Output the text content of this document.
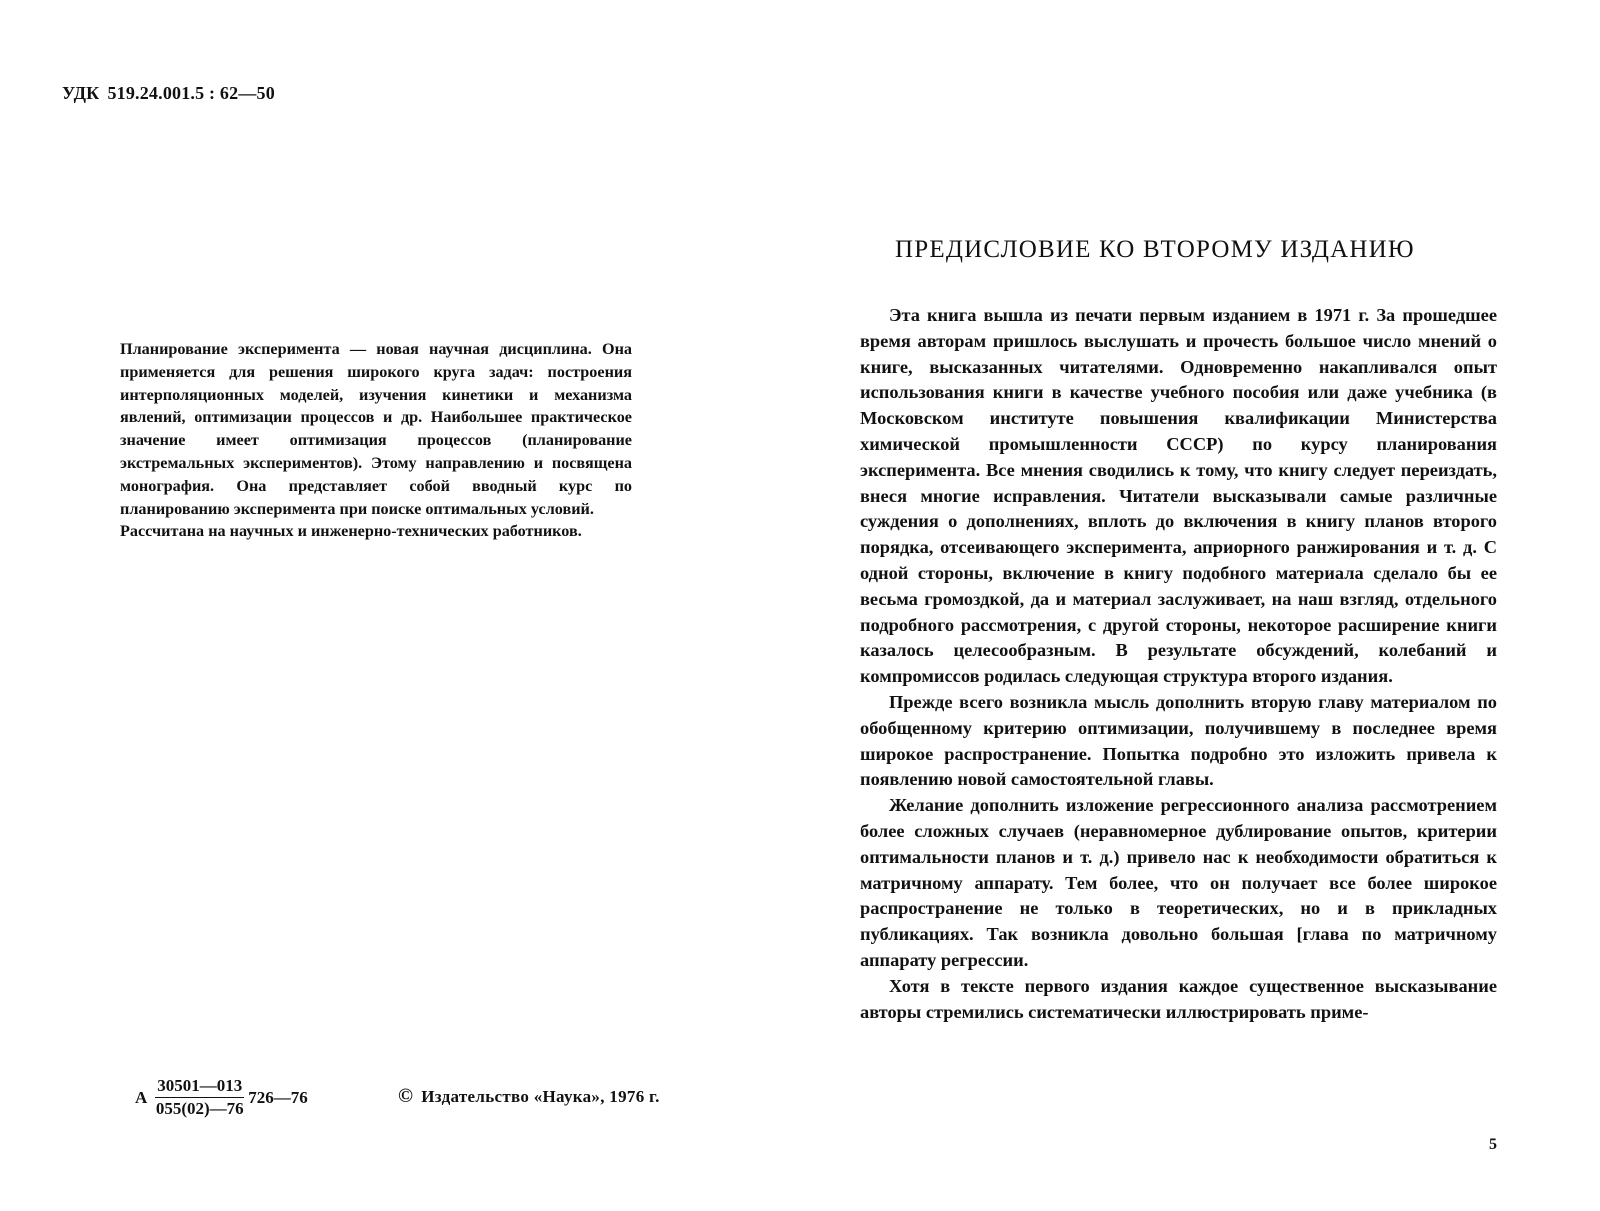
УДК 519.24.001.5 : 62—50

Планирование эксперимента — новая научная дисциплина. Она применяется для решения широкого круга задач: построения интерполяционных моделей, изучения кинетики и механизма явлений, оптимизации процессов и др. Наибольшее практическое значение имеет оптимизация процессов (планирование экстремальных экспериментов). Этому направлению и посвящена монография. Она представляет собой вводный курс по планированию эксперимента при поиске оптимальных условий.

Рассчитана на научных и инженерно-технических работников.

А $\frac{30501—013}{055(02)—76}$ 726—76	© Издательство «Наука», 1976 г.
ПРЕДИСЛОВИЕ КО ВТОРОМУ ИЗДАНИЮ

Эта книга вышла из печати первым изданием в 1971 г. За прошедшее время авторам пришлось выслушать и прочесть большое число мнений о книге, высказанных читателями. Одновременно накапливался опыт использования книги в качестве учебного пособия или даже учебника (в Московском институте повышения квалификации Министерства химической промышленности СССР) по курсу планирования эксперимента. Все мнения сводились к тому, что книгу следует переиздать, внеся многие исправления. Читатели высказывали самые различные суждения о дополнениях, вплоть до включения в книгу планов второго порядка, отсеивающего эксперимента, априорного ранжирования и т. д. С одной стороны, включение в книгу подобного материала сделало бы ее весьма громоздкой, да и материал заслуживает, на наш взгляд, отдельного подробного рассмотрения, с другой стороны, некоторое расширение книги казалось целесообразным. В результате обсуждений, колебаний и компромиссов родилась следующая структура второго издания.

Прежде всего возникла мысль дополнить вторую главу материалом по обобщенному критерию оптимизации, получившему в последнее время широкое распространение. Попытка подробно это изложить привела к появлению новой самостоятельной главы.

Желание дополнить изложение регрессионного анализа рассмотрением более сложных случаев (неравномерное дублирование опытов, критерии оптимальности планов и т. д.) привело нас к необходимости обратиться к матричному аппарату. Тем более, что он получает все более широкое распространение не только в теоретических, но и в прикладных публикациях. Так возникла довольно большая [глава по матричному аппарату регрессии.

Хотя в тексте первого издания каждое существенное высказывание авторы стремились систематически иллюстрировать приме-

5
